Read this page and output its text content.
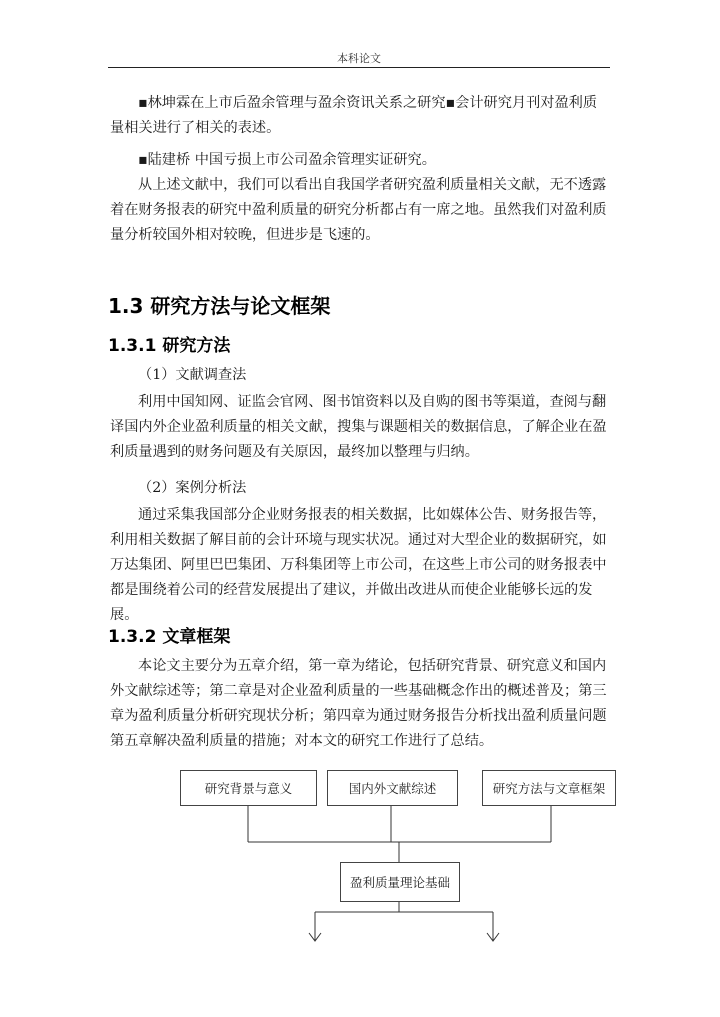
本科论文

▪林坤霖在上市后盈余管理与盈余资讯关系之研究▪会计研究月刊对盈利质量相关进行了相关的表述。

▪陆建桥 中国亏损上市公司盈余管理实证研究。

从上述文献中，我们可以看出自我国学者研究盈利质量相关文献，无不透露着在财务报表的研究中盈利质量的研究分析都占有一席之地。虽然我们对盈利质量分析较国外相对较晚，但进步是飞速的。

1.3 研究方法与论文框架
1.3.1 研究方法

（1）文献调查法

利用中国知网、证监会官网、图书馆资料以及自购的图书等渠道，查阅与翻译国内外企业盈利质量的相关文献，搜集与课题相关的数据信息，了解企业在盈利质量遇到的财务问题及有关原因，最终加以整理与归纳。

（2）案例分析法

通过采集我国部分企业财务报表的相关数据，比如媒体公告、财务报告等，利用相关数据了解目前的会计环境与现实状况。通过对大型企业的数据研究，如万达集团、阿里巴巴集团、万科集团等上市公司，在这些上市公司的财务报表中都是围绕着公司的经营发展提出了建议，并做出改进从而使企业能够长远的发展。

1.3.2 文章框架

本论文主要分为五章介绍，第一章为绪论，包括研究背景、研究意义和国内外文献综述等；第二章是对企业盈利质量的一些基础概念作出的概述普及；第三章为盈利质量分析研究现状分析；第四章为通过财务报告分析找出盈利质量问题第五章解决盈利质量的措施；对本文的研究工作进行了总结。

研究背景与意义	国内外文献综述	研究方法与文章框架
盈利质量理论基础
